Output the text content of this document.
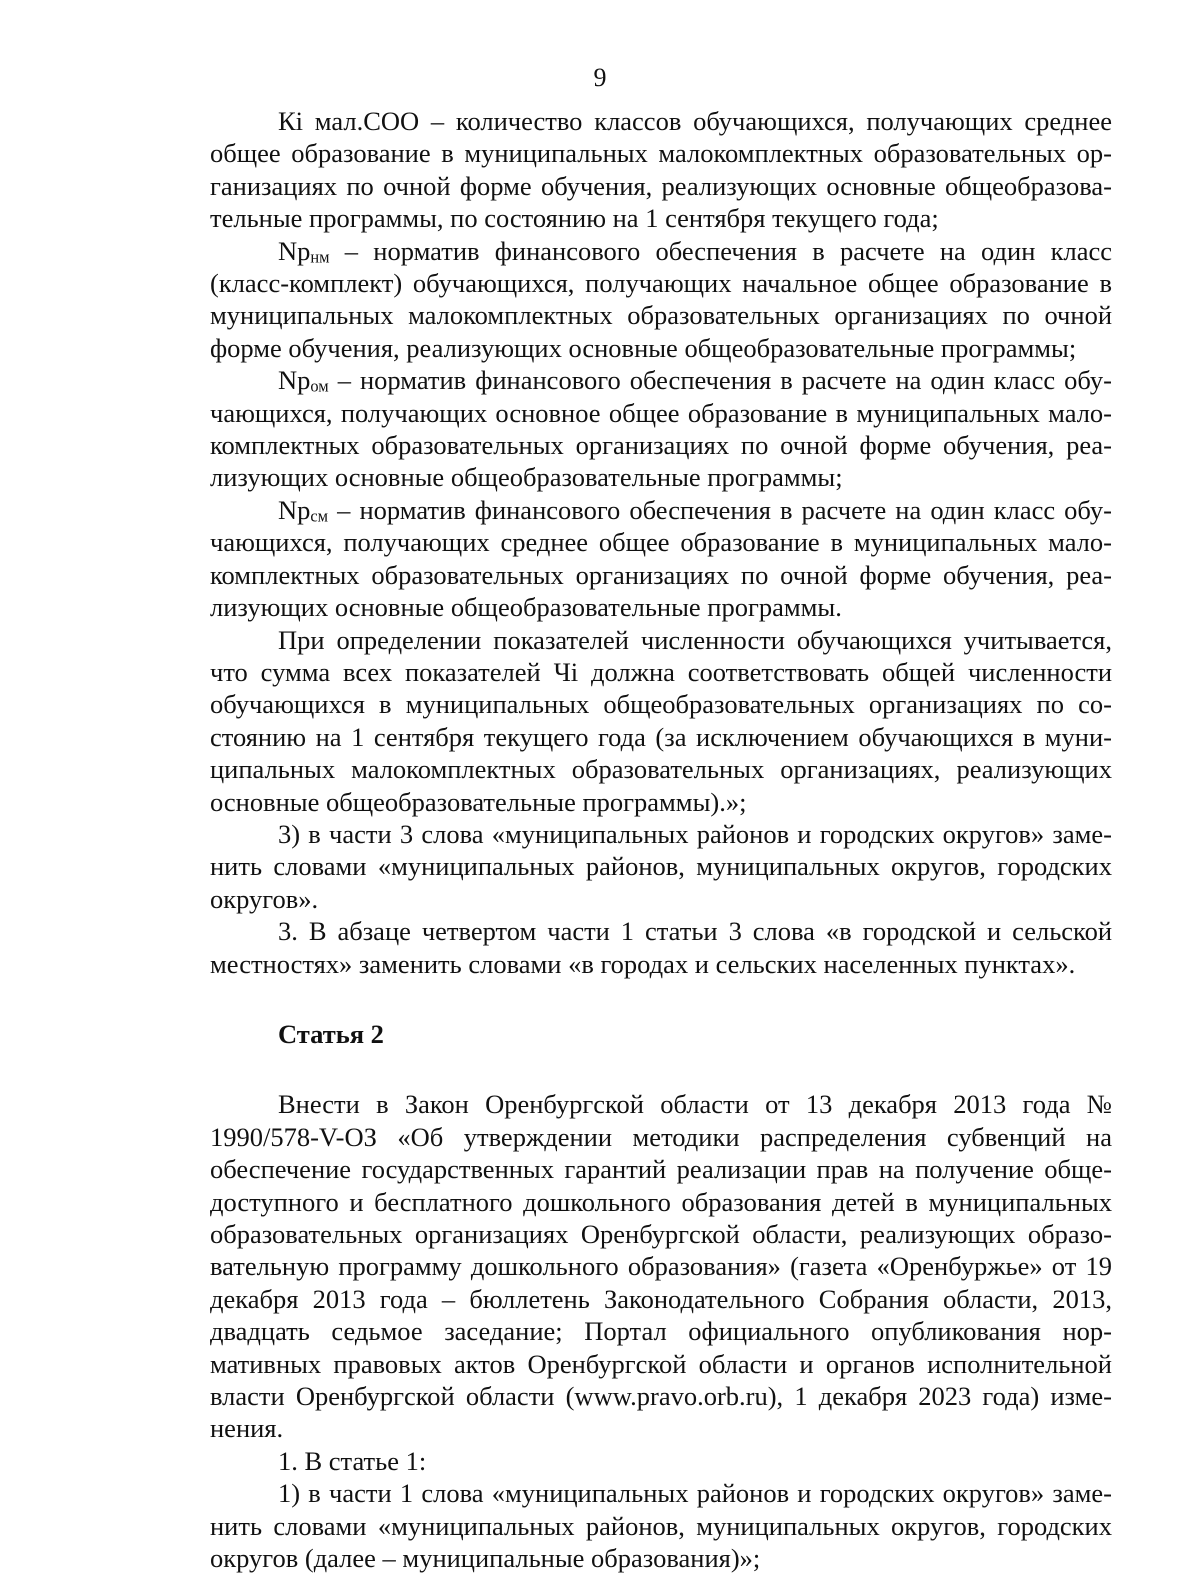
9

Кi мал.СОО – количество классов обучающихся, получающих среднее общее образование в муниципальных малокомплектных образовательных организациях по очной форме обучения, реализующих основные общеобразовательные программы, по состоянию на 1 сентября текущего года;

Npнм – норматив финансового обеспечения в расчете на один класс (класс-комплект) обучающихся, получающих начальное общее образование в муниципальных малокомплектных образовательных организациях по очной форме обучения, реализующих основные общеобразовательные программы;

Npом – норматив финансового обеспечения в расчете на один класс обучающихся, получающих основное общее образование в муниципальных малокомплектных образовательных организациях по очной форме обучения, реализующих основные общеобразовательные программы;

Npсм – норматив финансового обеспечения в расчете на один класс обучающихся, получающих среднее общее образование в муниципальных малокомплектных образовательных организациях по очной форме обучения, реализующих основные общеобразовательные программы.

При определении показателей численности обучающихся учитывается, что сумма всех показателей Чi должна соответствовать общей численности обучающихся в муниципальных общеобразовательных организациях по состоянию на 1 сентября текущего года (за исключением обучающихся в муниципальных малокомплектных образовательных организациях, реализующих основные общеобразовательные программы).»;

3) в части 3 слова «муниципальных районов и городских округов» заменить словами «муниципальных районов, муниципальных округов, городских округов».

3. В абзаце четвертом части 1 статьи 3 слова «в городской и сельской местностях» заменить словами «в городах и сельских населенных пунктах».

Статья 2

Внести в Закон Оренбургской области от 13 декабря 2013 года № 1990/578-V-ОЗ «Об утверждении методики распределения субвенций на обеспечение государственных гарантий реализации прав на получение общедоступного и бесплатного дошкольного образования детей в муниципальных образовательных организациях Оренбургской области, реализующих образовательную программу дошкольного образования» (газета «Оренбуржье» от 19 декабря 2013 года – бюллетень Законодательного Собрания области, 2013, двадцать седьмое заседание; Портал официального опубликования нормативных правовых актов Оренбургской области и органов исполнительной власти Оренбургской области (www.pravo.orb.ru), 1 декабря 2023 года) изменения.

1. В статье 1:

1) в части 1 слова «муниципальных районов и городских округов» заменить словами «муниципальных районов, муниципальных округов, городских округов (далее – муниципальные образования)»;
